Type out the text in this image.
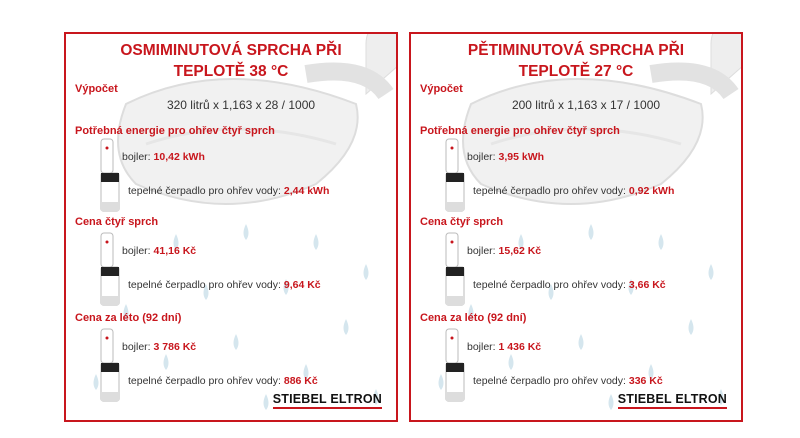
OSMIMINUTOVÁ SPRCHA PŘI
TEPLOTĚ 38 °C
Výpočet
320 litrů x 1,163 x 28 / 1000
Potřebná energie pro ohřev čtyř sprch
bojler: 10,42 kWh
tepelné čerpadlo pro ohřev vody: 2,44 kWh
Cena čtyř sprch
bojler: 41,16 Kč
tepelné čerpadlo pro ohřev vody: 9,64 Kč
Cena za léto (92 dní)
bojler: 3 786 Kč
tepelné čerpadlo pro ohřev vody: 886 Kč
STIEBEL ELTRON
PĚTIMINUTOVÁ SPRCHA PŘI
TEPLOTĚ 27 °C
Výpočet
200 litrů x 1,163 x 17 / 1000
Potřebná energie pro ohřev čtyř sprch
bojler: 3,95 kWh
tepelné čerpadlo pro ohřev vody: 0,92 kWh
Cena čtyř sprch
bojler: 15,62 Kč
tepelné čerpadlo pro ohřev vody: 3,66 Kč
Cena za léto (92 dní)
bojler: 1 436 Kč
tepelné čerpadlo pro ohřev vody: 336 Kč
STIEBEL ELTRON
